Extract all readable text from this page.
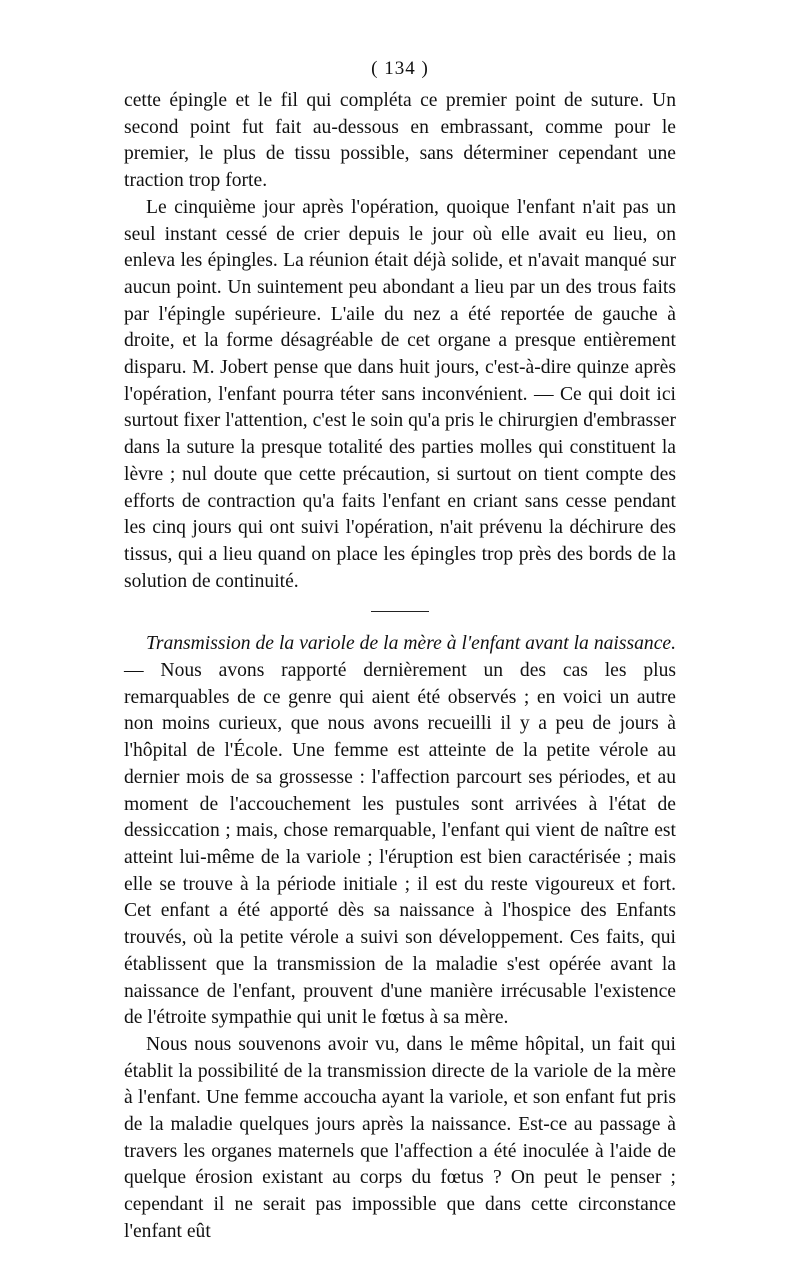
( 134 )

cette épingle et le fil qui compléta ce premier point de suture. Un second point fut fait au-dessous en embrassant, comme pour le premier, le plus de tissu possible, sans déterminer cependant une traction trop forte.

Le cinquième jour après l'opération, quoique l'enfant n'ait pas un seul instant cessé de crier depuis le jour où elle avait eu lieu, on enleva les épingles. La réunion était déjà solide, et n'avait manqué sur aucun point. Un suintement peu abondant a lieu par un des trous faits par l'épingle supérieure. L'aile du nez a été reportée de gauche à droite, et la forme désagréable de cet organe a presque entièrement disparu. M. Jobert pense que dans huit jours, c'est-à-dire quinze après l'opération, l'enfant pourra téter sans inconvénient. — Ce qui doit ici surtout fixer l'attention, c'est le soin qu'a pris le chirurgien d'embrasser dans la suture la presque totalité des parties molles qui constituent la lèvre ; nul doute que cette précaution, si surtout on tient compte des efforts de contraction qu'a faits l'enfant en criant sans cesse pendant les cinq jours qui ont suivi l'opération, n'ait prévenu la déchirure des tissus, qui a lieu quand on place les épingles trop près des bords de la solution de continuité.

Transmission de la variole de la mère à l'enfant avant la naissance. — Nous avons rapporté dernièrement un des cas les plus remarquables de ce genre qui aient été observés ; en voici un autre non moins curieux, que nous avons recueilli il y a peu de jours à l'hôpital de l'École. Une femme est atteinte de la petite vérole au dernier mois de sa grossesse : l'affection parcourt ses périodes, et au moment de l'accouchement les pustules sont arrivées à l'état de dessiccation ; mais, chose remarquable, l'enfant qui vient de naître est atteint lui-même de la variole ; l'éruption est bien caractérisée ; mais elle se trouve à la période initiale ; il est du reste vigoureux et fort. Cet enfant a été apporté dès sa naissance à l'hospice des Enfants trouvés, où la petite vérole a suivi son développement. Ces faits, qui établissent que la transmission de la maladie s'est opérée avant la naissance de l'enfant, prouvent d'une manière irrécusable l'existence de l'étroite sympathie qui unit le fœtus à sa mère.

Nous nous souvenons avoir vu, dans le même hôpital, un fait qui établit la possibilité de la transmission directe de la variole de la mère à l'enfant. Une femme accoucha ayant la variole, et son enfant fut pris de la maladie quelques jours après la naissance. Est-ce au passage à travers les organes maternels que l'affection a été inoculée à l'aide de quelque érosion existant au corps du fœtus ? On peut le penser ; cependant il ne serait pas impossible que dans cette circonstance l'enfant eût
